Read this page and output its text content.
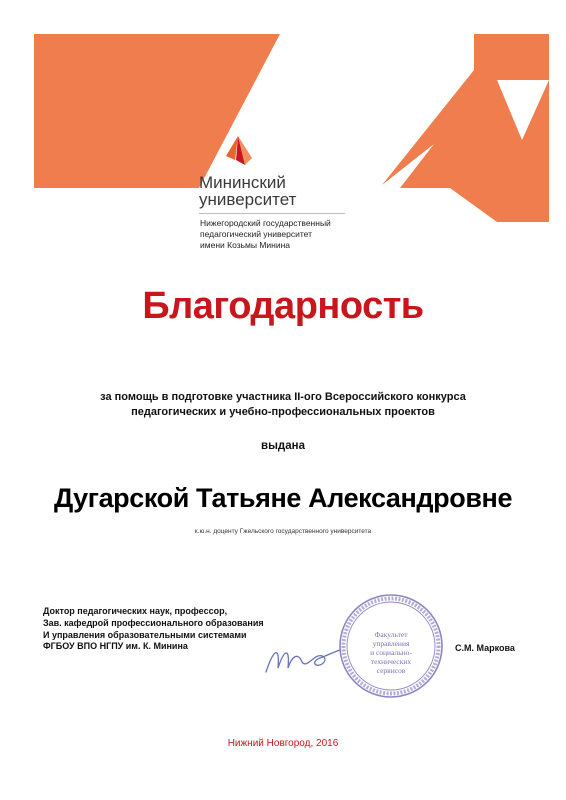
Мининский
университет
Нижегородский государственный
педагогический университет
имени Козьмы Минина
Благодарность
за помощь в подготовке участника II-ого Всероссийского конкурса
педагогических и учебно-профессиональных проектов
выдана
Дугарской Татьяне Александровне
к.ю.н. доценту Гжельского государственного университета
Доктор педагогических наук, профессор,
Зав. кафедрой профессионального образования
И управления образовательными системами
ФГБОУ ВПО НГПУ им. К. Минина
Факультет
управления
и социально-
технических
сервисов
С.М. Маркова
Нижний Новгород, 2016
